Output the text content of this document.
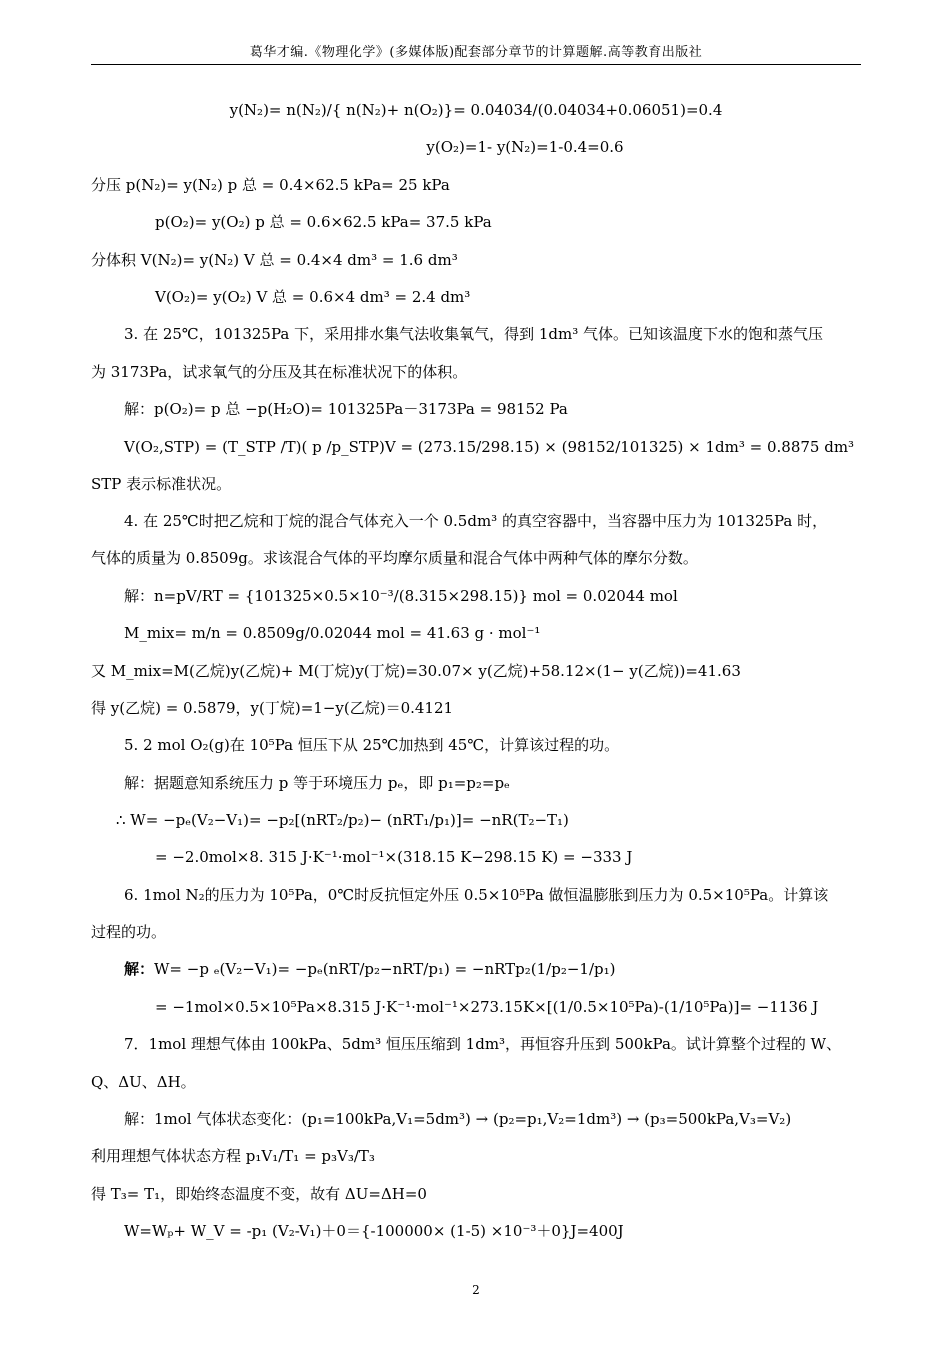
葛华才编.《物理化学》(多媒体版)配套部分章节的计算题解.高等教育出版社
y(N₂)= n(N₂)/{ n(N₂)+ n(O₂)}= 0.04034/(0.04034+0.06051)=0.4
y(O₂)=1- y(N₂)=1-0.4=0.6
分压 p(N₂)= y(N₂) p 总 = 0.4×62.5 kPa= 25 kPa
p(O₂)= y(O₂) p 总 = 0.6×62.5 kPa= 37.5 kPa
分体积 V(N₂)= y(N₂) V 总 = 0.4×4 dm³ = 1.6 dm³
V(O₂)= y(O₂) V 总 = 0.6×4 dm³ = 2.4 dm³
3. 在 25℃，101325Pa 下，采用排水集气法收集氧气，得到 1dm³ 气体。已知该温度下水的饱和蒸气压
为 3173Pa，试求氧气的分压及其在标准状况下的体积。
解：p(O₂)= p 总 −p(H₂O)= 101325Pa－3173Pa = 98152 Pa
V(O₂,STP) = (T_STP /T)( p /p_STP)V = (273.15/298.15) × (98152/101325) × 1dm³ = 0.8875 dm³
STP 表示标准状况。
4. 在 25℃时把乙烷和丁烷的混合气体充入一个 0.5dm³ 的真空容器中，当容器中压力为 101325Pa 时，
气体的质量为 0.8509g。求该混合气体的平均摩尔质量和混合气体中两种气体的摩尔分数。
解：n=pV/RT = {101325×0.5×10⁻³/(8.315×298.15)} mol = 0.02044 mol
M_mix= m/n = 0.8509g/0.02044 mol = 41.63 g · mol⁻¹
又 M_mix=M(乙烷)y(乙烷)+ M(丁烷)y(丁烷)=30.07× y(乙烷)+58.12×(1− y(乙烷))=41.63
得 y(乙烷) = 0.5879，y(丁烷)=1−y(乙烷)＝0.4121
5. 2 mol O₂(g)在 10⁵Pa 恒压下从 25℃加热到 45℃，计算该过程的功。
解：据题意知系统压力 p 等于环境压力 pₑ，即 p₁=p₂=pₑ
∴ W= −pₑ(V₂−V₁)= −p₂[(nRT₂/p₂)− (nRT₁/p₁)]= −nR(T₂−T₁)
= −2.0mol×8. 315 J·K⁻¹·mol⁻¹×(318.15 K−298.15 K) = −333 J
6. 1mol N₂的压力为 10⁵Pa，0℃时反抗恒定外压 0.5×10⁵Pa 做恒温膨胀到压力为 0.5×10⁵Pa。计算该
过程的功。
解：W= −p ₑ(V₂−V₁)= −pₑ(nRT/p₂−nRT/p₁) = −nRTp₂(1/p₂−1/p₁)
= −1mol×0.5×10⁵Pa×8.315 J·K⁻¹·mol⁻¹×273.15K×[(1/0.5×10⁵Pa)-(1/10⁵Pa)]= −1136 J
7．1mol 理想气体由 100kPa、5dm³ 恒压压缩到 1dm³，再恒容升压到 500kPa。试计算整个过程的 W、
Q、ΔU、ΔH。
解：1mol 气体状态变化：(p₁=100kPa,V₁=5dm³) → (p₂=p₁,V₂=1dm³) → (p₃=500kPa,V₃=V₂)
利用理想气体状态方程 p₁V₁/T₁ = p₃V₃/T₃
得 T₃= T₁，即始终态温度不变，故有 ΔU=ΔH=0
W=Wₚ+ W_V = -p₁ (V₂-V₁)＋0＝{-100000× (1-5) ×10⁻³＋0}J=400J
2
